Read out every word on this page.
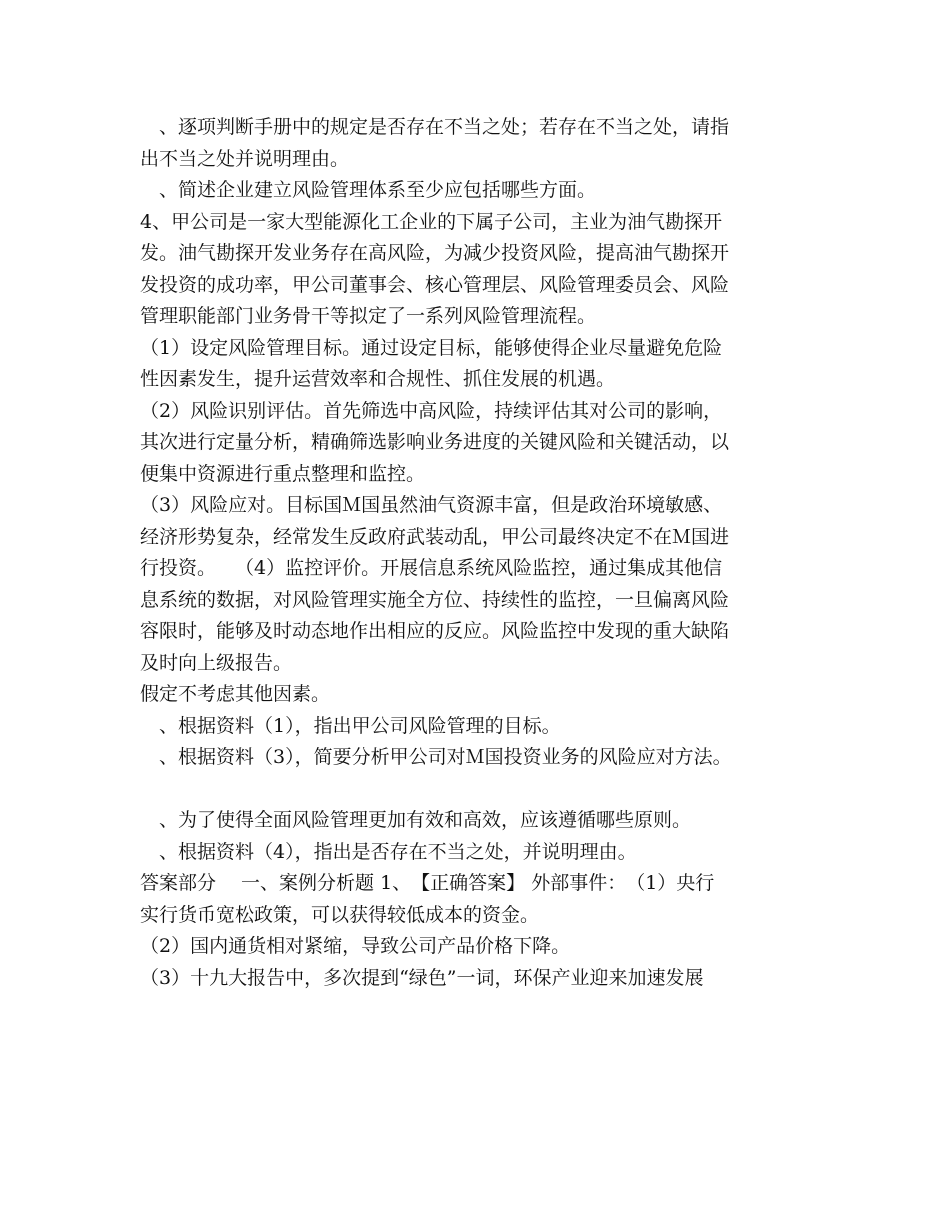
　、逐项判断手册中的规定是否存在不当之处；若存在不当之处，请指
出不当之处并说明理由。
　、简述企业建立风险管理体系至少应包括哪些方面。
4、甲公司是一家大型能源化工企业的下属子公司，主业为油气勘探开
发。油气勘探开发业务存在高风险，为减少投资风险，提高油气勘探开
发投资的成功率，甲公司董事会、核心管理层、风险管理委员会、风险
管理职能部门业务骨干等拟定了一系列风险管理流程。
（1）设定风险管理目标。通过设定目标，能够使得企业尽量避免危险
性因素发生，提升运营效率和合规性、抓住发展的机遇。
（2）风险识别评估。首先筛选中高风险，持续评估其对公司的影响，
其次进行定量分析，精确筛选影响业务进度的关键风险和关键活动，以
便集中资源进行重点整理和监控。
（3）风险应对。目标国Ｍ国虽然油气资源丰富，但是政治环境敏感、
经济形势复杂，经常发生反政府武装动乱，甲公司最终决定不在Ｍ国进
行投资。　　（4）监控评价。开展信息系统风险监控，通过集成其他信
息系统的数据，对风险管理实施全方位、持续性的监控，一旦偏离风险
容限时，能够及时动态地作出相应的反应。风险监控中发现的重大缺陷
及时向上级报告。
假定不考虑其他因素。
　、根据资料（1），指出甲公司风险管理的目标。
　、根据资料（3），简要分析甲公司对Ｍ国投资业务的风险应对方法。
　、为了使得全面风险管理更加有效和高效，应该遵循哪些原则。
　、根据资料（4），指出是否存在不当之处，并说明理由。
答案部分　 一、案例分析题 1、　【正确答案】 外部事件：　（1）央行
实行货币宽松政策，可以获得较低成本的资金。
（2）国内通货相对紧缩，导致公司产品价格下降。
（3）十九大报告中，多次提到“绿色”一词，环保产业迎来加速发展
